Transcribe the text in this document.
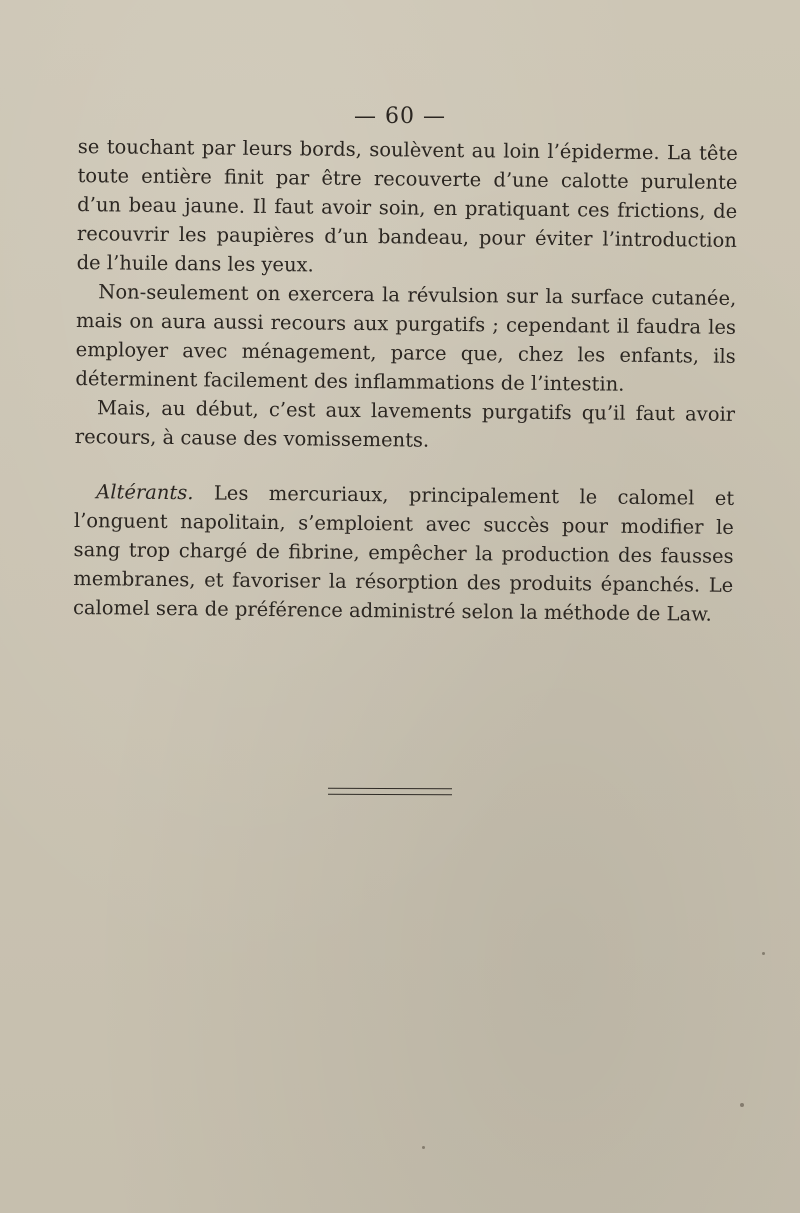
— 60 —

se touchant par leurs bords, soulèvent au loin l’épiderme. La tête toute entière finit par être recouverte d’une calotte purulente d’un beau jaune. Il faut avoir soin, en pratiquant ces frictions, de recouvrir les paupières d’un bandeau, pour éviter l’introduction de l’huile dans les yeux.

Non-seulement on exercera la révulsion sur la surface cutanée, mais on aura aussi recours aux purgatifs ; cependant il faudra les employer avec ménagement, parce que, chez les enfants, ils déterminent facilement des inflammations de l’intestin.

Mais, au début, c’est aux lavements purgatifs qu’il faut avoir recours, à cause des vomissements.

Altérants. Les mercuriaux, principalement le calomel et l’onguent napolitain, s’emploient avec succès pour modifier le sang trop chargé de fibrine, empêcher la production des fausses membranes, et favoriser la résorption des produits épanchés. Le calomel sera de préférence administré selon la méthode de Law.
